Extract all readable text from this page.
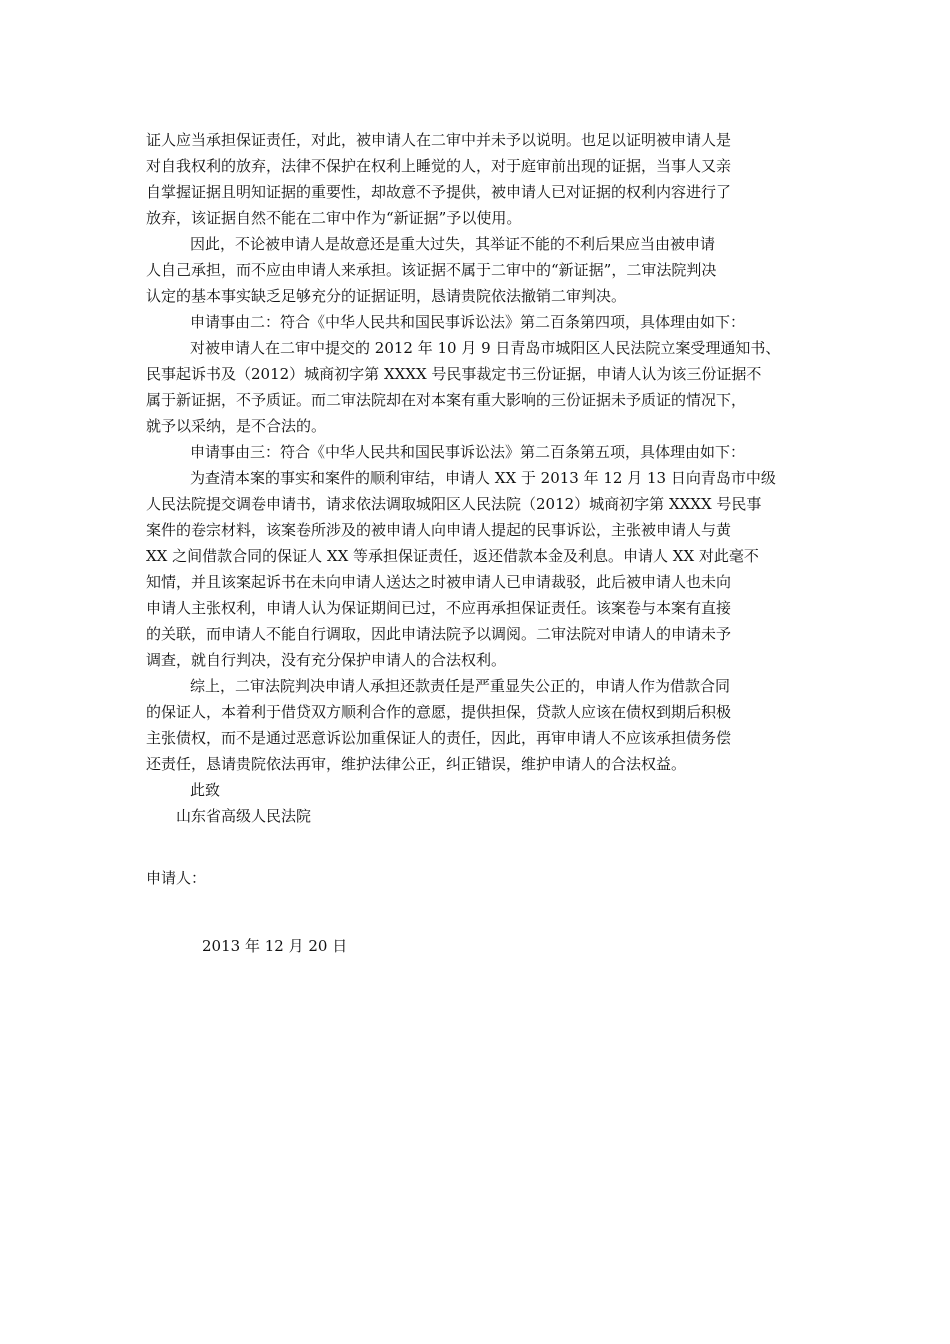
证人应当承担保证责任，对此，被申请人在二审中并未予以说明。也足以证明被申请人是
对自我权利的放弃，法律不保护在权利上睡觉的人，对于庭审前出现的证据，当事人又亲
自掌握证据且明知证据的重要性，却故意不予提供，被申请人已对证据的权利内容进行了
放弃，该证据自然不能在二审中作为“新证据”予以使用。
因此，不论被申请人是故意还是重大过失，其举证不能的不利后果应当由被申请
人自己承担，而不应由申请人来承担。该证据不属于二审中的“新证据”，二审法院判决
认定的基本事实缺乏足够充分的证据证明，恳请贵院依法撤销二审判决。
申请事由二：符合《中华人民共和国民事诉讼法》第二百条第四项，具体理由如下：
对被申请人在二审中提交的 2012 年 10 月 9 日青岛市城阳区人民法院立案受理通知书、
民事起诉书及（2012）城商初字第 XXXX 号民事裁定书三份证据，申请人认为该三份证据不
属于新证据，不予质证。而二审法院却在对本案有重大影响的三份证据未予质证的情况下，
就予以采纳，是不合法的。
申请事由三：符合《中华人民共和国民事诉讼法》第二百条第五项，具体理由如下：
为查清本案的事实和案件的顺利审结，申请人 XX 于 2013 年 12 月 13 日向青岛市中级
人民法院提交调卷申请书，请求依法调取城阳区人民法院（2012）城商初字第 XXXX 号民事
案件的卷宗材料，该案卷所涉及的被申请人向申请人提起的民事诉讼，主张被申请人与黄
XX 之间借款合同的保证人 XX 等承担保证责任，返还借款本金及利息。申请人 XX 对此毫不
知情，并且该案起诉书在未向申请人送达之时被申请人已申请裁驳，此后被申请人也未向
申请人主张权利，申请人认为保证期间已过，不应再承担保证责任。该案卷与本案有直接
的关联，而申请人不能自行调取，因此申请法院予以调阅。二审法院对申请人的申请未予
调查，就自行判决，没有充分保护申请人的合法权利。
综上，二审法院判决申请人承担还款责任是严重显失公正的，申请人作为借款合同
的保证人，本着利于借贷双方顺利合作的意愿，提供担保，贷款人应该在债权到期后积极
主张债权，而不是通过恶意诉讼加重保证人的责任，因此，再审申请人不应该承担债务偿
还责任，恳请贵院依法再审，维护法律公正，纠正错误，维护申请人的合法权益。
此致
山东省高级人民法院
申请人：
2013 年 12 月 20 日
